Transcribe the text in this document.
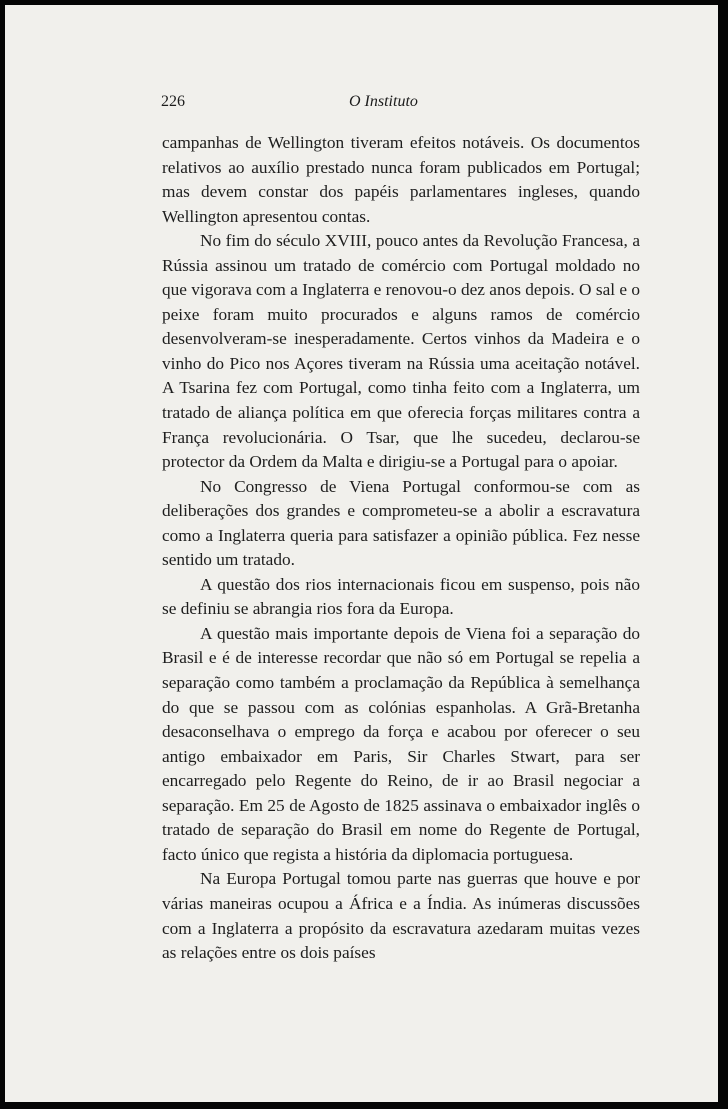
226	O Instituto

campanhas de Wellington tiveram efeitos notáveis. Os documentos relativos ao auxílio prestado nunca foram publicados em Portugal; mas devem constar dos papéis parlamentares ingleses, quando Wellington apresentou contas.

No fim do século XVIII, pouco antes da Revolução Francesa, a Rússia assinou um tratado de comércio com Portugal moldado no que vigorava com a Inglaterra e renovou-o dez anos depois. O sal e o peixe foram muito procurados e alguns ramos de comércio desenvolveram-se inesperadamente. Certos vinhos da Madeira e o vinho do Pico nos Açores tiveram na Rússia uma aceitação notável. A Tsarina fez com Portugal, como tinha feito com a Inglaterra, um tratado de aliança política em que oferecia forças militares contra a França revolucionária. O Tsar, que lhe sucedeu, declarou-se protector da Ordem da Malta e dirigiu-se a Portugal para o apoiar.

No Congresso de Viena Portugal conformou-se com as deliberações dos grandes e comprometeu-se a abolir a escravatura como a Inglaterra queria para satisfazer a opinião pública. Fez nesse sentido um tratado.

A questão dos rios internacionais ficou em suspenso, pois não se definiu se abrangia rios fora da Europa.

A questão mais importante depois de Viena foi a separação do Brasil e é de interesse recordar que não só em Portugal se repelia a separação como também a proclamação da República à semelhança do que se passou com as colónias espanholas. A Grã-Bretanha desaconselhava o emprego da força e acabou por oferecer o seu antigo embaixador em Paris, Sir Charles Stwart, para ser encarregado pelo Regente do Reino, de ir ao Brasil negociar a separação. Em 25 de Agosto de 1825 assinava o embaixador inglês o tratado de separação do Brasil em nome do Regente de Portugal, facto único que regista a história da diplomacia portuguesa.

Na Europa Portugal tomou parte nas guerras que houve e por várias maneiras ocupou a África e a Índia. As inúmeras discussões com a Inglaterra a propósito da escravatura azedaram muitas vezes as relações entre os dois países
